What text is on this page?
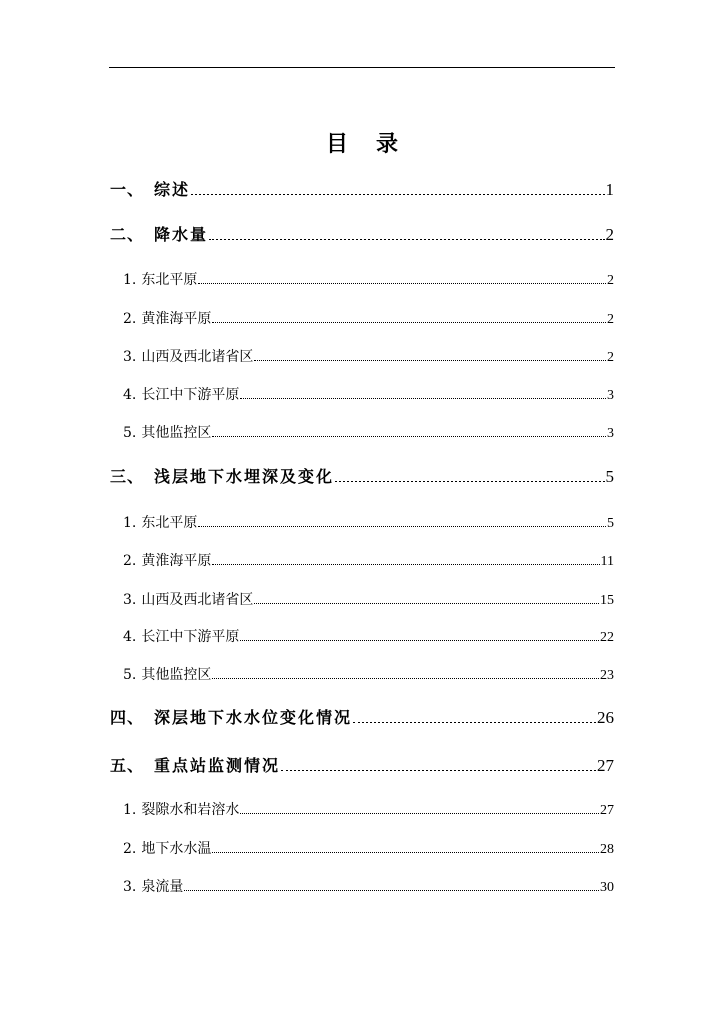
目 录
一、 综述	1
二、 降水量	2
1. 东北平原	2
2. 黄淮海平原	2
3. 山西及西北诸省区	2
4. 长江中下游平原	3
5. 其他监控区	3
三、 浅层地下水埋深及变化	5
1. 东北平原	5
2. 黄淮海平原	11
3. 山西及西北诸省区	15
4. 长江中下游平原	22
5. 其他监控区	23
四、 深层地下水水位变化情况	26
五、 重点站监测情况	27
1. 裂隙水和岩溶水	27
2. 地下水水温	28
3. 泉流量	30
